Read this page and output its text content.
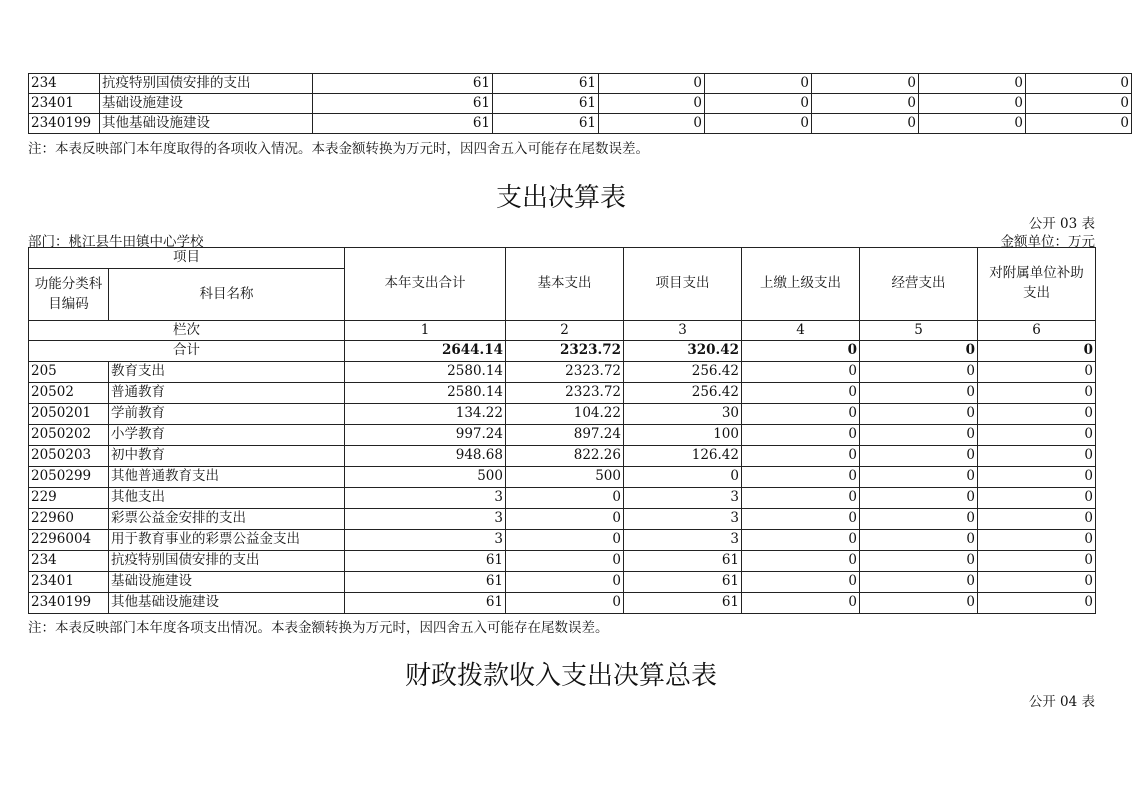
234	抗疫特别国债安排的支出	61	61	0	0	0	0	0
23401	基础设施建设	61	61	0	0	0	0	0
2340199	其他基础设施建设	61	61	0	0	0	0	0
注：本表反映部门本年度取得的各项收入情况。本表金额转换为万元时，因四舍五入可能存在尾数误差。
支出决算表
公开 03 表
部门：桃江县牛田镇中心学校	金额单位：万元
项目		本年支出合计	基本支出	项目支出	上缴上级支出	经营支出	对附属单位补助支出
功能分类科目编码	科目名称						
栏次		1	2	3	4	5	6
合计		2644.14	2323.72	320.42	0	0	0
205	教育支出	2580.14	2323.72	256.42	0	0	0
20502	普通教育	2580.14	2323.72	256.42	0	0	0
2050201	学前教育	134.22	104.22	30	0	0	0
2050202	小学教育	997.24	897.24	100	0	0	0
2050203	初中教育	948.68	822.26	126.42	0	0	0
2050299	其他普通教育支出	500	500	0	0	0	0
229	其他支出	3	0	3	0	0	0
22960	彩票公益金安排的支出	3	0	3	0	0	0
2296004	用于教育事业的彩票公益金支出	3	0	3	0	0	0
234	抗疫特别国债安排的支出	61	0	61	0	0	0
23401	基础设施建设	61	0	61	0	0	0
2340199	其他基础设施建设	61	0	61	0	0	0
注：本表反映部门本年度各项支出情况。本表金额转换为万元时，因四舍五入可能存在尾数误差。
财政拨款收入支出决算总表
公开 04 表
